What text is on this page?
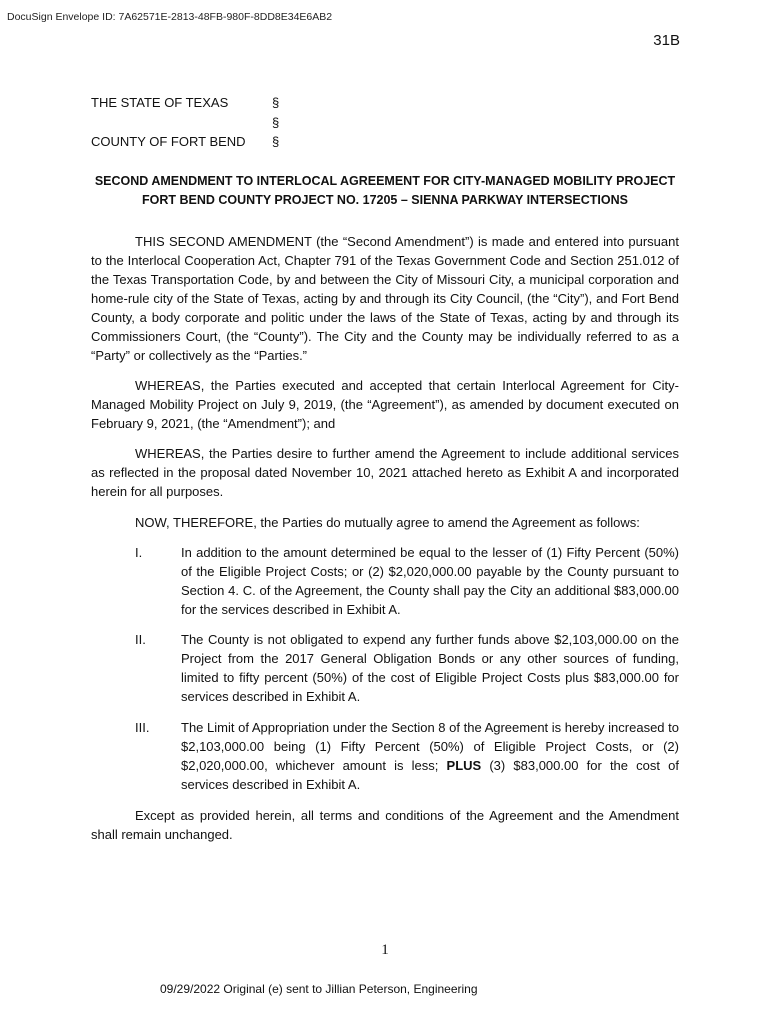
DocuSign Envelope ID: 7A62571E-2813-48FB-980F-8DD8E34E6AB2
31B
THE STATE OF TEXAS	§
§
COUNTY OF FORT BEND §
SECOND AMENDMENT TO INTERLOCAL AGREEMENT FOR CITY-MANAGED MOBILITY PROJECT
FORT BEND COUNTY PROJECT NO. 17205 – SIENNA PARKWAY INTERSECTIONS
THIS SECOND AMENDMENT (the “Second Amendment”) is made and entered into pursuant to the Interlocal Cooperation Act, Chapter 791 of the Texas Government Code and Section 251.012 of the Texas Transportation Code, by and between the City of Missouri City, a municipal corporation and home-rule city of the State of Texas, acting by and through its City Council, (the “City”), and Fort Bend County, a body corporate and politic under the laws of the State of Texas, acting by and through its Commissioners Court, (the “County”). The City and the County may be individually referred to as a “Party” or collectively as the “Parties.”
WHEREAS, the Parties executed and accepted that certain Interlocal Agreement for City-Managed Mobility Project on July 9, 2019, (the “Agreement”), as amended by document executed on February 9, 2021, (the “Amendment”); and
WHEREAS, the Parties desire to further amend the Agreement to include additional services as reflected in the proposal dated November 10, 2021 attached hereto as Exhibit A and incorporated herein for all purposes.
NOW, THEREFORE, the Parties do mutually agree to amend the Agreement as follows:
I.	In addition to the amount determined be equal to the lesser of (1) Fifty Percent (50%) of the Eligible Project Costs; or (2) $2,020,000.00 payable by the County pursuant to Section 4. C. of the Agreement, the County shall pay the City an additional $83,000.00 for the services described in Exhibit A.
II.	The County is not obligated to expend any further funds above $2,103,000.00 on the Project from the 2017 General Obligation Bonds or any other sources of funding, limited to fifty percent (50%) of the cost of Eligible Project Costs plus $83,000.00 for services described in Exhibit A.
III.	The Limit of Appropriation under the Section 8 of the Agreement is hereby increased to $2,103,000.00 being (1) Fifty Percent (50%) of Eligible Project Costs, or (2) $2,020,000.00, whichever amount is less; PLUS (3) $83,000.00 for the cost of services described in Exhibit A.
Except as provided herein, all terms and conditions of the Agreement and the Amendment shall remain unchanged.
1
09/29/2022 Original (e) sent to Jillian Peterson, Engineering
